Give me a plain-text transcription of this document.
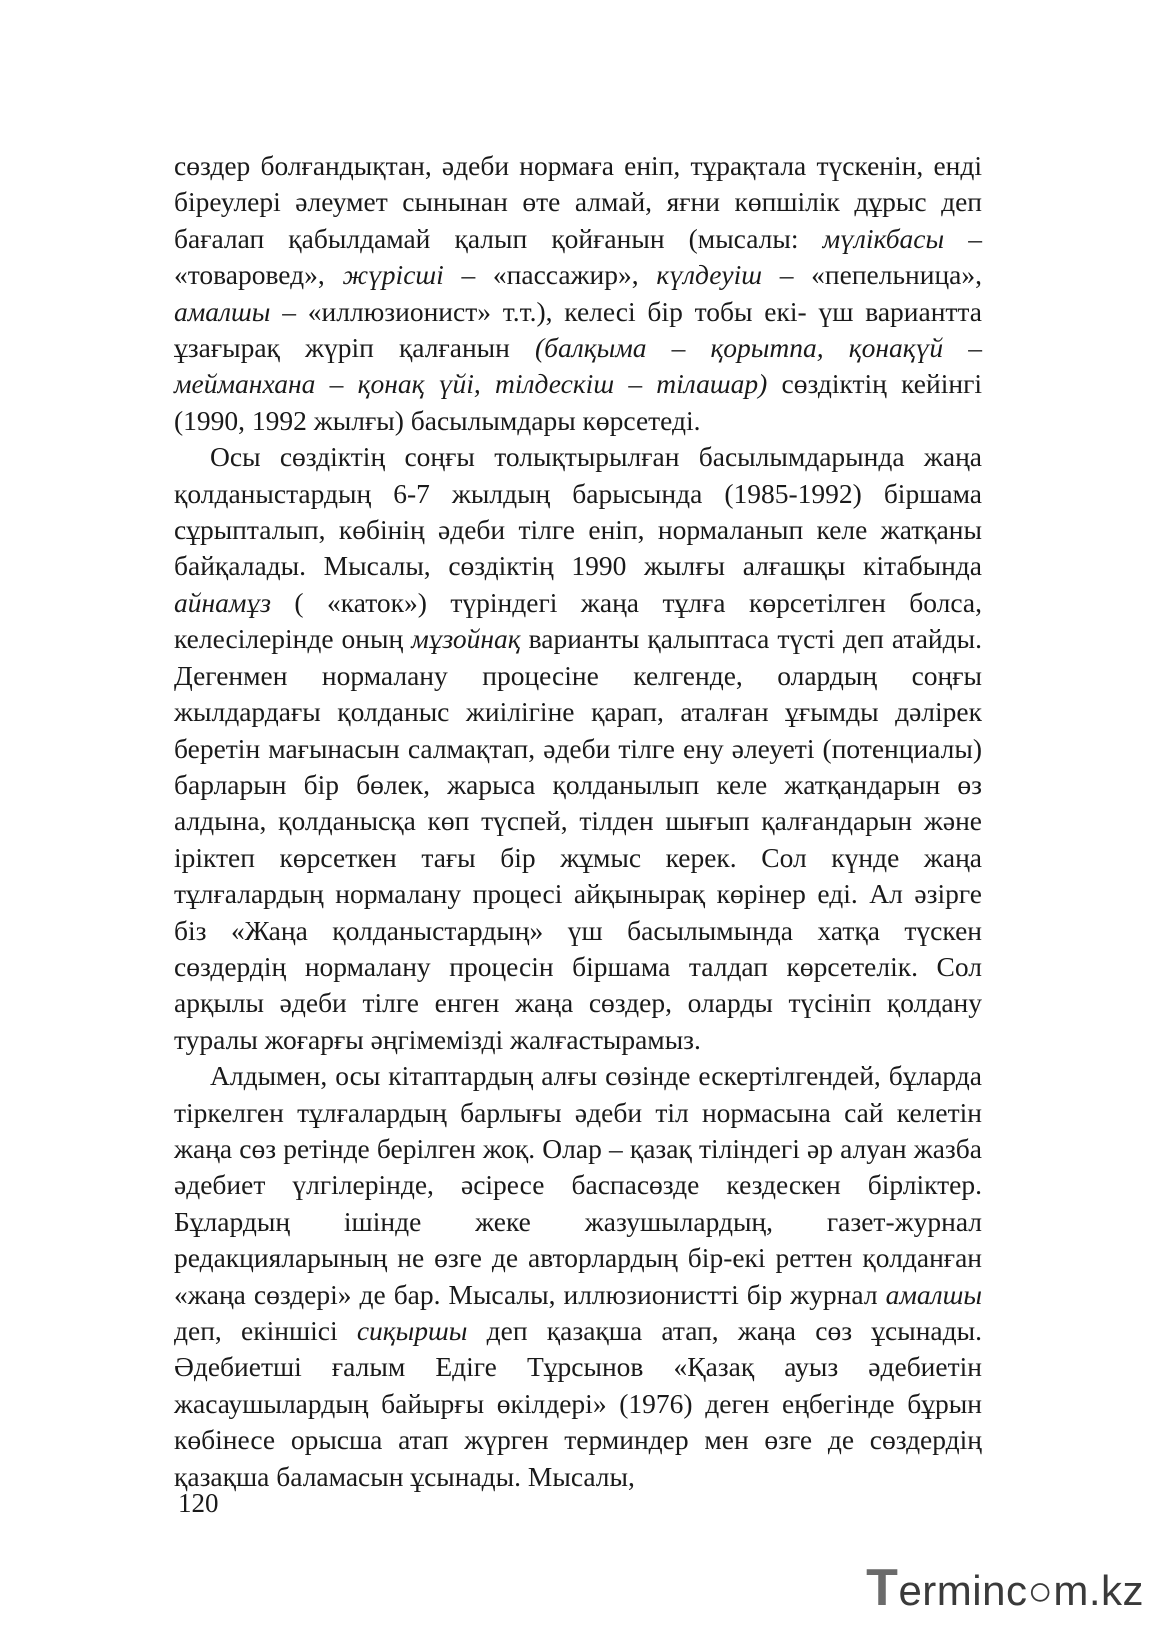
сөздер болғандықтан, әдеби нормаға еніп, тұрақтала түскенін, енді біреулері әлеумет сынынан өте алмай, яғни көпшілік дұрыс деп бағалап қабылдамай қалып қойғанын (мысалы: мүлікбасы – «товаровед», жүрісші – «пассажир», күлдеуіш – «пепельница», амалшы – «иллюзионист» т.т.), келесі бір тобы екі- үш вариантта ұзағырақ жүріп қалғанын (балқыма – қорытпа, қонақүй – мейманхана – қонақ үйі, тілдескіш – тілашар) сөздіктің кейінгі (1990, 1992 жылғы) басылымдары көрсетеді.

Осы сөздіктің соңғы толықтырылған басылымдарында жаңа қолданыстардың 6-7 жылдың барысында (1985-1992) біршама сұрыпталып, көбінің әдеби тілге еніп, нормаланып келе жатқаны байқалады. Мысалы, сөздіктің 1990 жылғы алғашқы кітабында айнамұз ( «каток») түріндегі жаңа тұлға көрсетілген болса, келесілерінде оның мұзойнақ варианты қалыптаса түсті деп атайды. Дегенмен нормалану процесіне келгенде, олардың соңғы жылдардағы қолданыс жиілігіне қарап, аталған ұғымды дәлірек беретін мағынасын салмақтап, әдеби тілге ену әлеуеті (потенциалы) барларын бір бөлек, жарыса қолданылып келе жатқандарын өз алдына, қолданысқа көп түспей, тілден шығып қалғандарын және іріктеп көрсеткен тағы бір жұмыс керек. Сол күнде жаңа тұлғалардың нормалану процесі айқынырақ көрінер еді. Ал әзірге біз «Жаңа қолданыстардың» үш басылымында хатқа түскен сөздердің нормалану процесін біршама талдап көрсетелік. Сол арқылы әдеби тілге енген жаңа сөздер, оларды түсініп қолдану туралы жоғарғы әңгімемізді жалғастырамыз.

Алдымен, осы кітаптардың алғы сөзінде ескертілгендей, бұларда тіркелген тұлғалардың барлығы әдеби тіл нормасына сай келетін жаңа сөз ретінде берілген жоқ. Олар – қазақ тіліндегі әр алуан жазба әдебиет үлгілерінде, әсіресе баспасөзде кездескен бірліктер. Бұлардың ішінде жеке жазушылардың, газет-журнал редакцияларының не өзге де авторлардың бір-екі реттен қолданған «жаңа сөздері» де бар. Мысалы, иллюзионистті бір журнал амалшы деп, екіншісі сиқыршы деп қазақша атап, жаңа сөз ұсынады. Әдебиетші ғалым Едіге Тұрсынов «Қазақ ауыз әдебиетін жасаушылардың байырғы өкілдері» (1976) деген еңбегінде бұрын көбінесе орысша атап жүрген терминдер мен өзге де сөздердің қазақша баламасын ұсынады. Мысалы,

120
Terminc○m.kz
